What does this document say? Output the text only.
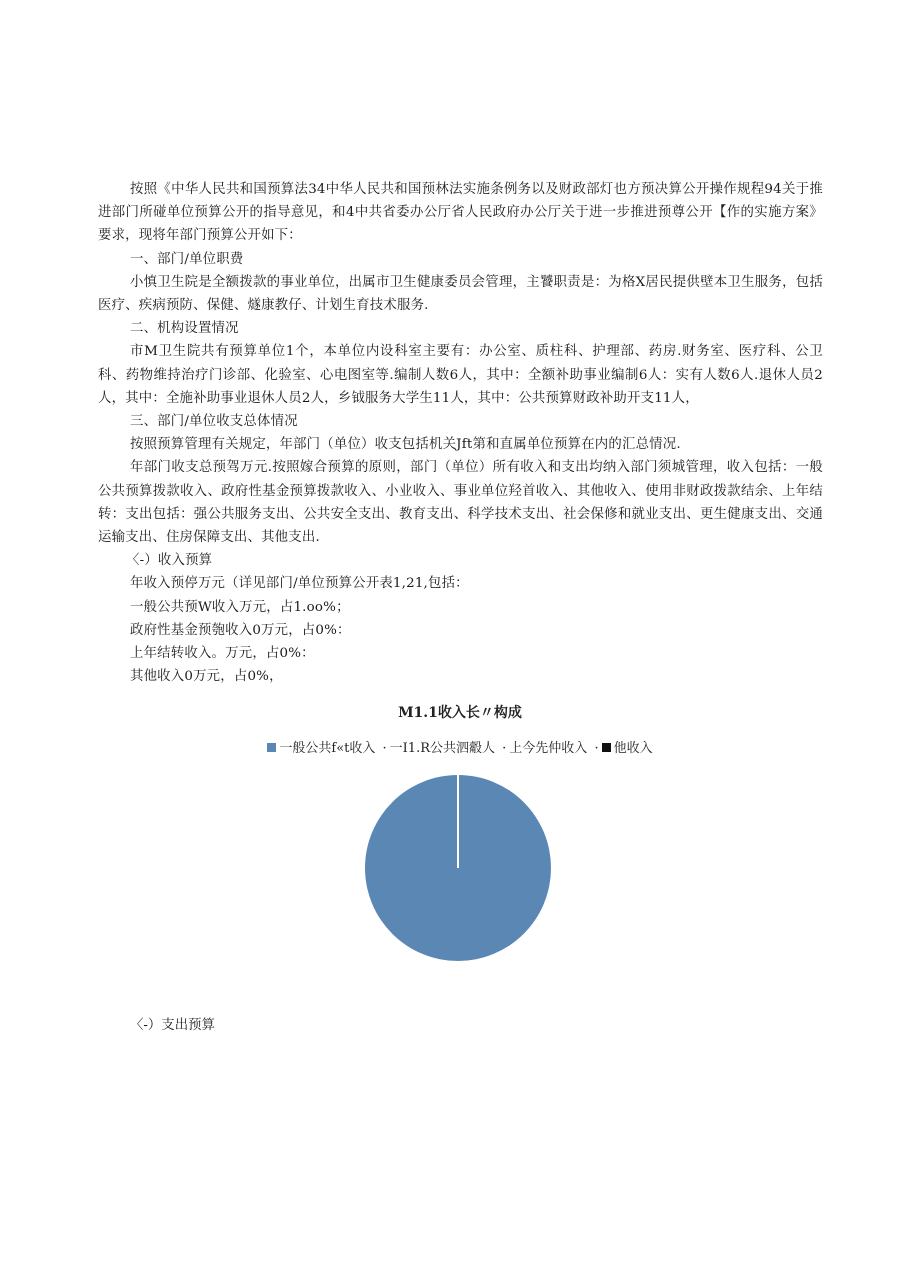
按照《中华人民共和国预算法34中华人民共和国预林法实施条例务以及财政部灯也方预决算公开操作规程94关于推进部门所碰单位预算公开的指导意见，和4中共省委办公厅省人民政府办公厅关于进一步推进预尊公开【作的实施方案》要求，现将年部门预算公开如下：

一、部门/单位职费

小慎卫生院是全额拨款的事业单位，出属市卫生健康委员会管理，主饕职责是：为格X居民提供壁本卫生服务，包括医疗、疾病预防、保健、燧康教仔、计划生育技术服务.

二、机构设置情况

市M卫生院共有预算单位1个，本单位内设科室主要有：办公室、质柱科、护理部、药房.财务室、医疗科、公卫科、药物维持治疗门诊部、化验室、心电图室等.编制人数6人，其中：全额补助事业编制6人：实有人数6人.退休人员2人，其中：全施补助事业退休人员2人，乡钺服务大学生11人，其中：公共预算财政补助开支11人，

三、部门/单位收支总体情况

按照预算管理有关规定，年部门（单位）收支包括机关Jft第和直属单位预算在内的汇总情况.

年部门收支总预驾万元.按照嫁合预算的原则，部门（单位）所有收入和支出均纳入部门须城管理，收入包括：一般公共预算拨款收入、政府性基金预算拨款收入、小业收入、事业单位羟首收入、其他收入、使用非财政拨款结余、上年结转：支出包括：强公共服务支出、公共安全支出、教育支出、科学技术支出、社会保修和就业支出、更生健康支出、交通运输支出、住房保障支出、其他支出.

〈-）收入预算

年收入预停万元（详见部门/单位预算公开表1,21,包括：

一般公共预W收入万元，占1.oo%；

政府性基金预匏收入0万元，占0%：

上年结转收入。万元，占0%：

其他收入0万元，占0%，

M1.1收入长〃构成
一般公共f«t收入 · 一I1.R公共泗觳人 · 上今先仲收入 · 他收入
〈-）支出预算
